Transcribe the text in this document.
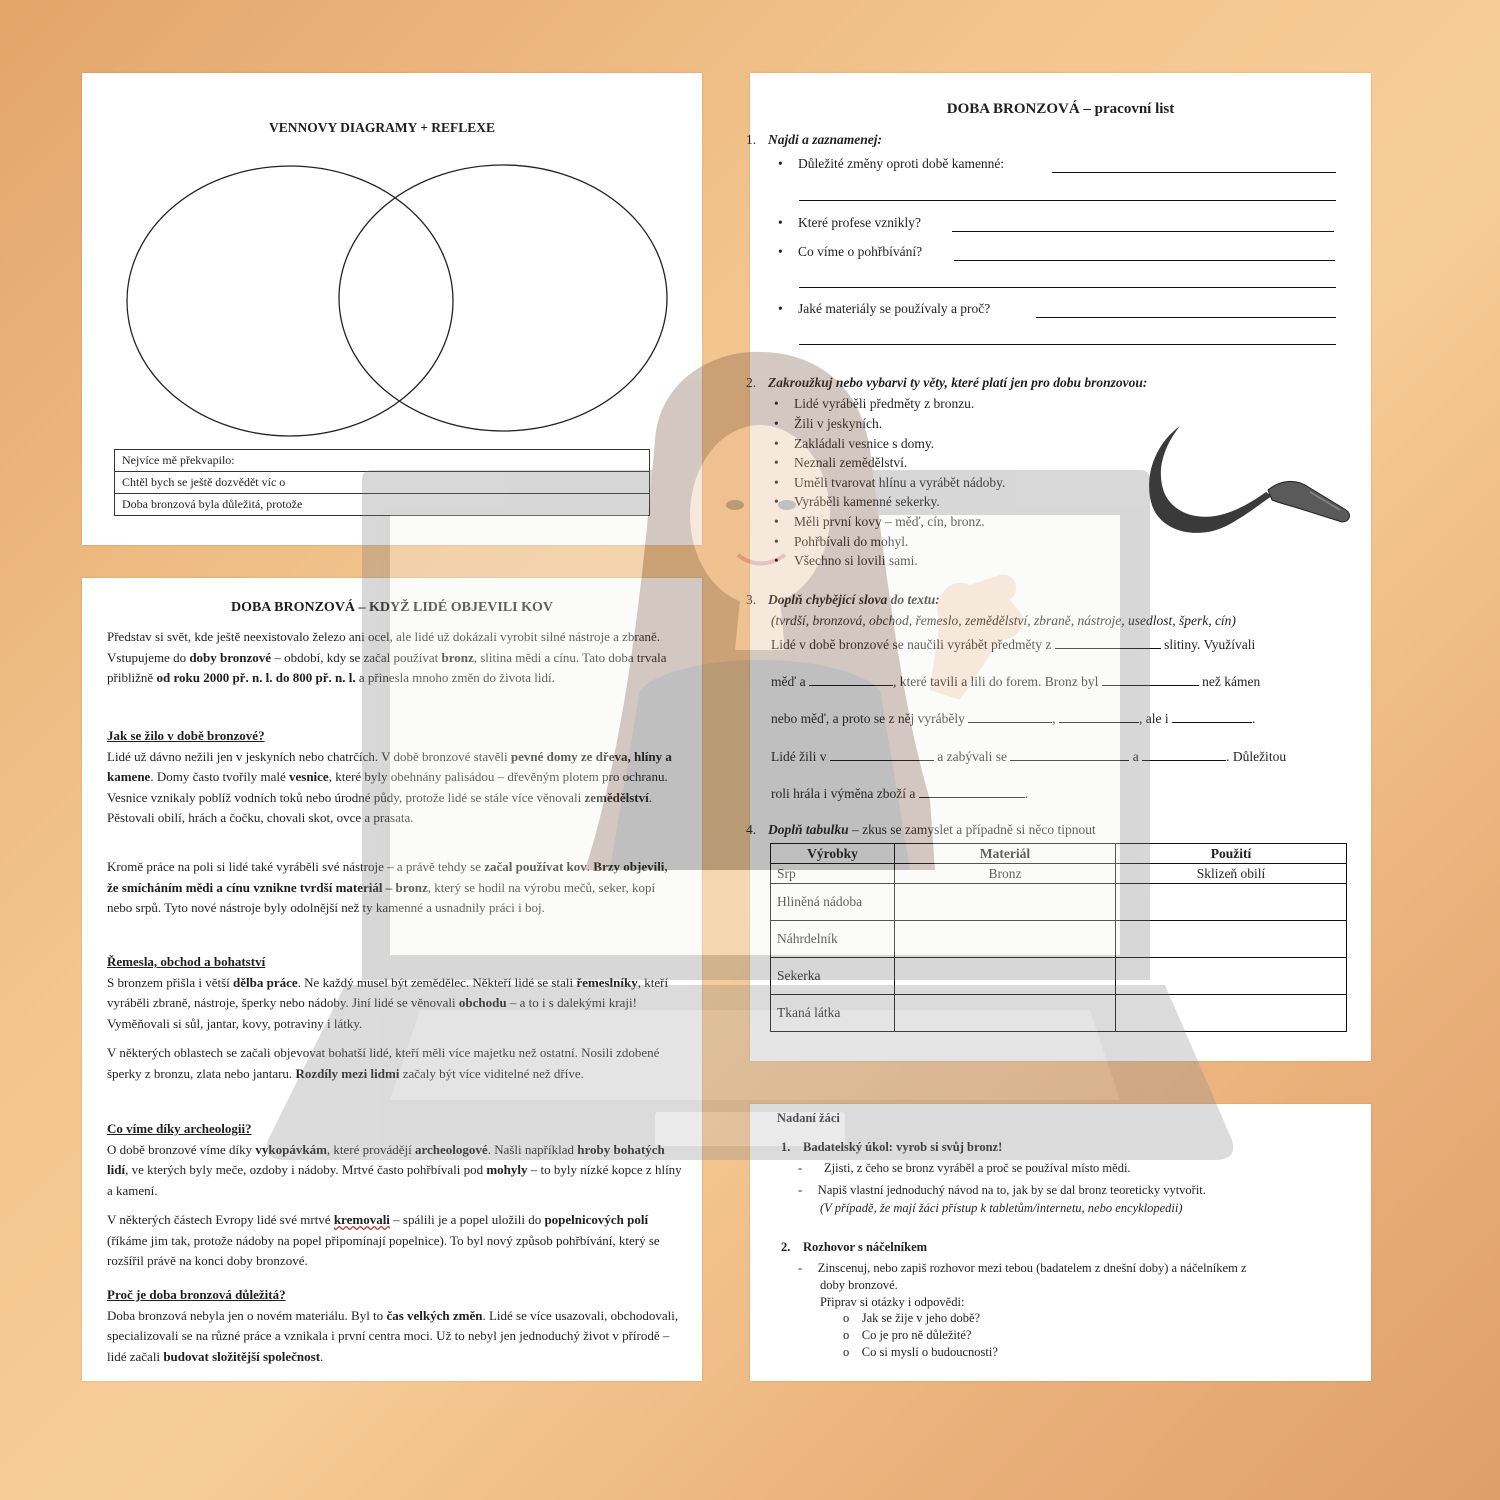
VENNOVY DIAGRAMY + REFLEXE
Nejvíce mě překvapilo:
Chtěl bych se ještě dozvědět víc o
Doba bronzová byla důležitá, protože
DOBA BRONZOVÁ – KDYŽ LIDÉ OBJEVILI KOV

Představ si svět, kde ještě neexistovalo železo ani ocel, ale lidé už dokázali vyrobit silné nástroje a zbraně. Vstupujeme do doby bronzové – období, kdy se začal používat bronz, slitina mědi a cínu. Tato doba trvala přibližně od roku 2000 př. n. l. do 800 př. n. l. a přinesla mnoho změn do života lidí.

Jak se žilo v době bronzové?

Lidé už dávno nežili jen v jeskyních nebo chatrčích. V době bronzové stavěli pevné domy ze dřeva, hlíny a kamene. Domy často tvořily malé vesnice, které byly obehnány palisádou – dřevěným plotem pro ochranu. Vesnice vznikaly poblíž vodních toků nebo úrodné půdy, protože lidé se stále více věnovali zemědělství. Pěstovali obilí, hrách a čočku, chovali skot, ovce a prasata.

Kromě práce na poli si lidé také vyráběli své nástroje – a právě tehdy se začal používat kov. Brzy objevili, že smícháním mědi a cínu vznikne tvrdší materiál – bronz, který se hodil na výrobu mečů, seker, kopí nebo srpů. Tyto nové nástroje byly odolnější než ty kamenné a usnadnily práci i boj.

Řemesla, obchod a bohatství

S bronzem přišla i větší dělba práce. Ne každý musel být zemědělec. Někteří lidé se stali řemeslníky, kteří vyráběli zbraně, nástroje, šperky nebo nádoby. Jiní lidé se věnovali obchodu – a to i s dalekými kraji! Vyměňovali si sůl, jantar, kovy, potraviny i látky.

V některých oblastech se začali objevovat bohatší lidé, kteří měli více majetku než ostatní. Nosili zdobené šperky z bronzu, zlata nebo jantaru. Rozdíly mezi lidmi začaly být více viditelné než dříve.

Co víme díky archeologii?

O době bronzové víme díky vykopávkám, které provádějí archeologové. Našli například hroby bohatých lidí, ve kterých byly meče, ozdoby i nádoby. Mrtvé často pohřbívali pod mohyly – to byly nízké kopce z hlíny a kamení.

V některých částech Evropy lidé své mrtvé kremovali – spálili je a popel uložili do popelnicových polí (říkáme jim tak, protože nádoby na popel připomínají popelnice). To byl nový způsob pohřbívání, který se rozšířil právě na konci doby bronzové.

Proč je doba bronzová důležitá?

Doba bronzová nebyla jen o novém materiálu. Byl to čas velkých změn. Lidé se více usazovali, obchodovali, specializovali se na různé práce a vznikala i první centra moci. Už to nebyl jen jednoduchý život v přírodě – lidé začali budovat složitější společnost.

DOBA BRONZOVÁ – pracovní list
1. Najdi a zaznamenej:
• Důležité změny oproti době kamenné:
• Které profese vznikly?
• Co víme o pohřbívání?
• Jaké materiály se používaly a proč?
2. Zakroužkuj nebo vybarvi ty věty, které platí jen pro dobu bronzovou:
• Lidé vyráběli předměty z bronzu.
• Žili v jeskyních.
• Zakládali vesnice s domy.
• Neznali zemědělství.
• Uměli tvarovat hlínu a vyrábět nádoby.
• Vyráběli kamenné sekerky.
• Měli první kovy – měď, cín, bronz.
• Pohřbívali do mohyl.
• Všechno si lovili sami.
3. Doplň chybějící slova do textu:
(tvrdší, bronzová, obchod, řemeslo, zemědělství, zbraně, nástroje, usedlost, šperk, cín)
Lidé v době bronzové se naučili vyrábět předměty z	slitiny. Využívali
měď a	, které tavili a lili do forem. Bronz byl	než kámen
nebo měď, a proto se z něj vyráběly	,	, ale i	.
Lidé žili v	a zabývali se	a	. Důležitou
roli hrála i výměna zboží a	.
4. Doplň tabulku – zkus se zamyslet a případně si něco tipnout
Výrobky	Materiál	Použití
Srp	Bronz	Sklizeň obilí
Hliněná nádoba		
Náhrdelník		
Sekerka		
Tkaná látka		
Nadaní žáci
1. Badatelský úkol: vyrob si svůj bronz!
-       Zjisti, z čeho se bronz vyráběl a proč se používal místo mědi.
-     Napiš vlastní jednoduchý návod na to, jak by se dal bronz teoreticky vytvořit.
(V případě, že mají žáci přístup k tabletům/internetu, nebo encyklopedii)
2. Rozhovor s náčelníkem
-     Zinscenuj, nebo zapiš rozhovor mezi tebou (badatelem z dnešní doby) a náčelníkem z
doby bronzové.
Připrav si otázky i odpovědi:
o    Jak se žije v jeho době?
o    Co je pro ně důležité?
o    Co si myslí o budoucnosti?
